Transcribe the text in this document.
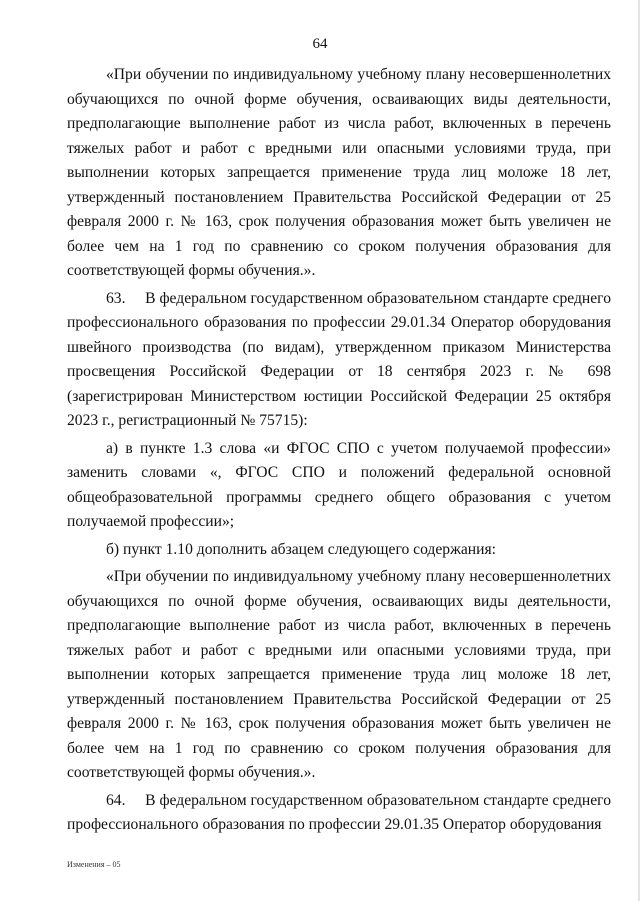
64

«При обучении по индивидуальному учебному плану несовершеннолетних обучающихся по очной форме обучения, осваивающих виды деятельности, предполагающие выполнение работ из числа работ, включенных в перечень тяжелых работ и работ с вредными или опасными условиями труда, при выполнении которых запрещается применение труда лиц моложе 18 лет, утвержденный постановлением Правительства Российской Федерации от 25 февраля 2000 г. № 163, срок получения образования может быть увеличен не более чем на 1 год по сравнению со сроком получения образования для соответствующей формы обучения.».

63.  В федеральном государственном образовательном стандарте среднего профессионального образования по профессии 29.01.34 Оператор оборудования швейного производства (по видам), утвержденном приказом Министерства просвещения Российской Федерации от 18 сентября 2023 г. № 698 (зарегистрирован Министерством юстиции Российской Федерации 25 октября 2023 г., регистрационный № 75715):

а) в пункте 1.3 слова «и ФГОС СПО с учетом получаемой профессии» заменить словами «, ФГОС СПО и положений федеральной основной общеобразовательной программы среднего общего образования с учетом получаемой профессии»;

б) пункт 1.10 дополнить абзацем следующего содержания:

«При обучении по индивидуальному учебному плану несовершеннолетних обучающихся по очной форме обучения, осваивающих виды деятельности, предполагающие выполнение работ из числа работ, включенных в перечень тяжелых работ и работ с вредными или опасными условиями труда, при выполнении которых запрещается применение труда лиц моложе 18 лет, утвержденный постановлением Правительства Российской Федерации от 25 февраля 2000 г. № 163, срок получения образования может быть увеличен не более чем на 1 год по сравнению со сроком получения образования для соответствующей формы обучения.».

64.  В федеральном государственном образовательном стандарте среднего профессионального образования по профессии 29.01.35 Оператор оборудования

Изменения – 05
